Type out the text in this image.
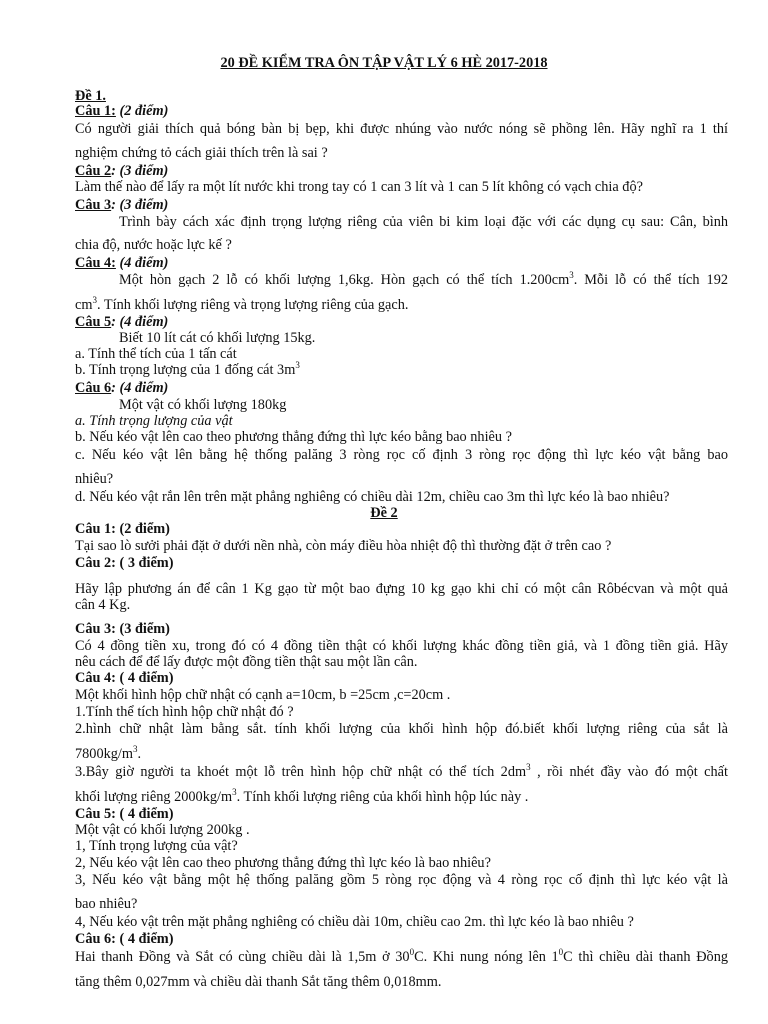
20 ĐỀ KIỂM TRA ÔN TẬP VẬT LÝ 6 HÈ 2017-2018
Đề 1.
Câu 1: (2 điểm)
Có người giải thích quả bóng bàn bị bẹp, khi được nhúng vào nước nóng sẽ phồng lên. Hãy nghĩ ra 1 thí
nghiệm chứng tỏ cách giải thích trên là sai ?
Câu 2: (3 điểm)
Làm thế nào để lấy ra một lít nước khi trong tay có 1 can 3 lít và 1 can 5 lít không có vạch chia độ?
Câu 3: (3 điểm)
Trình bày cách xác định trọng lượng riêng của viên bi kim loại đặc với các dụng cụ sau: Cân, bình
chia độ, nước hoặc lực kế ?
Câu 4: (4 điểm)
Một hòn gạch 2 lỗ có khối lượng 1,6kg. Hòn gạch có thể tích $1.200cm^3$. Mỗi lỗ có thể tích 192
$cm^3$. Tính khối lượng riêng và trọng lượng riêng của gạch.
Câu 5: (4 điểm)
Biết 10 lít cát có khối lượng 15kg.
a. Tính thể tích của 1 tấn cát
b. Tính trọng lượng của 1 đống cát $3m^3$
Câu 6: (4 điểm)
Một vật có khối lượng 180kg
a. Tính trọng lượng của vật
b. Nếu kéo vật lên cao theo phương thẳng đứng thì lực kéo bằng bao nhiêu ?
c. Nếu kéo vật lên bằng hệ thống palăng 3 ròng rọc cố định 3 ròng rọc động thì lực kéo vật bằng bao
nhiêu?
d. Nếu kéo vật rắn lên trên mặt phẳng nghiêng có chiều dài 12m, chiều cao 3m thì lực kéo là bao nhiêu?
Đề 2
Câu 1: (2 điểm)
Tại sao lò sưởi phải đặt ở dưới nền nhà, còn máy điều hòa nhiệt độ thì thường đặt ở trên cao ?
Câu 2: ( 3 điểm)
Hãy lập phương án để cân 1 Kg gạo từ một bao đựng 10 kg gạo khi chỉ có một cân Rôbécvan và một quả
cân 4 Kg.
Câu 3: (3 điểm)
Có 4 đồng tiền xu, trong đó có 4 đồng tiền thật có khối lượng khác đồng tiền giả, và 1 đồng tiền giả. Hãy
nêu cách để để lấy được một đồng tiền thật sau một lần cân.
Câu 4: ( 4 điểm)
Một khối hình hộp chữ nhật có cạnh a=10cm, b =25cm ,c=20cm .
1.Tính thể tích hình hộp chữ nhật đó ?
2.hình chữ nhật làm bằng sắt. tính khối lượng của khối hình hộp đó.biết khối lượng riêng của sắt là
$7800kg/m^3$.
3.Bây giờ người ta khoét một lỗ trên hình hộp chữ nhật có thể tích $2dm^3$ , rồi nhét đầy vào đó một chất
khối lượng riêng $2000kg/m^3$. Tính khối lượng riêng của khối hình hộp lúc này .
Câu 5: ( 4 điểm)
Một vật có khối lượng 200kg .
1, Tính trọng lượng của vật?
2, Nếu kéo vật lên cao theo phương thẳng đứng thì lực kéo là bao nhiêu?
3, Nếu kéo vật bằng một hệ thống palăng gồm 5 ròng rọc động và 4 ròng rọc cố định thì lực kéo vật là
bao nhiêu?
4, Nếu kéo vật trên mặt phẳng nghiêng có chiều dài 10m, chiều cao 2m. thì lực kéo là bao nhiêu ?
Câu 6: ( 4 điểm)
Hai thanh Đồng và Sắt có cùng chiều dài là 1,5m ở $30^0C$. Khi nung nóng lên $1^0C$ thì chiều dài thanh Đồng
tăng thêm 0,027mm và chiều dài thanh Sắt tăng thêm 0,018mm.
